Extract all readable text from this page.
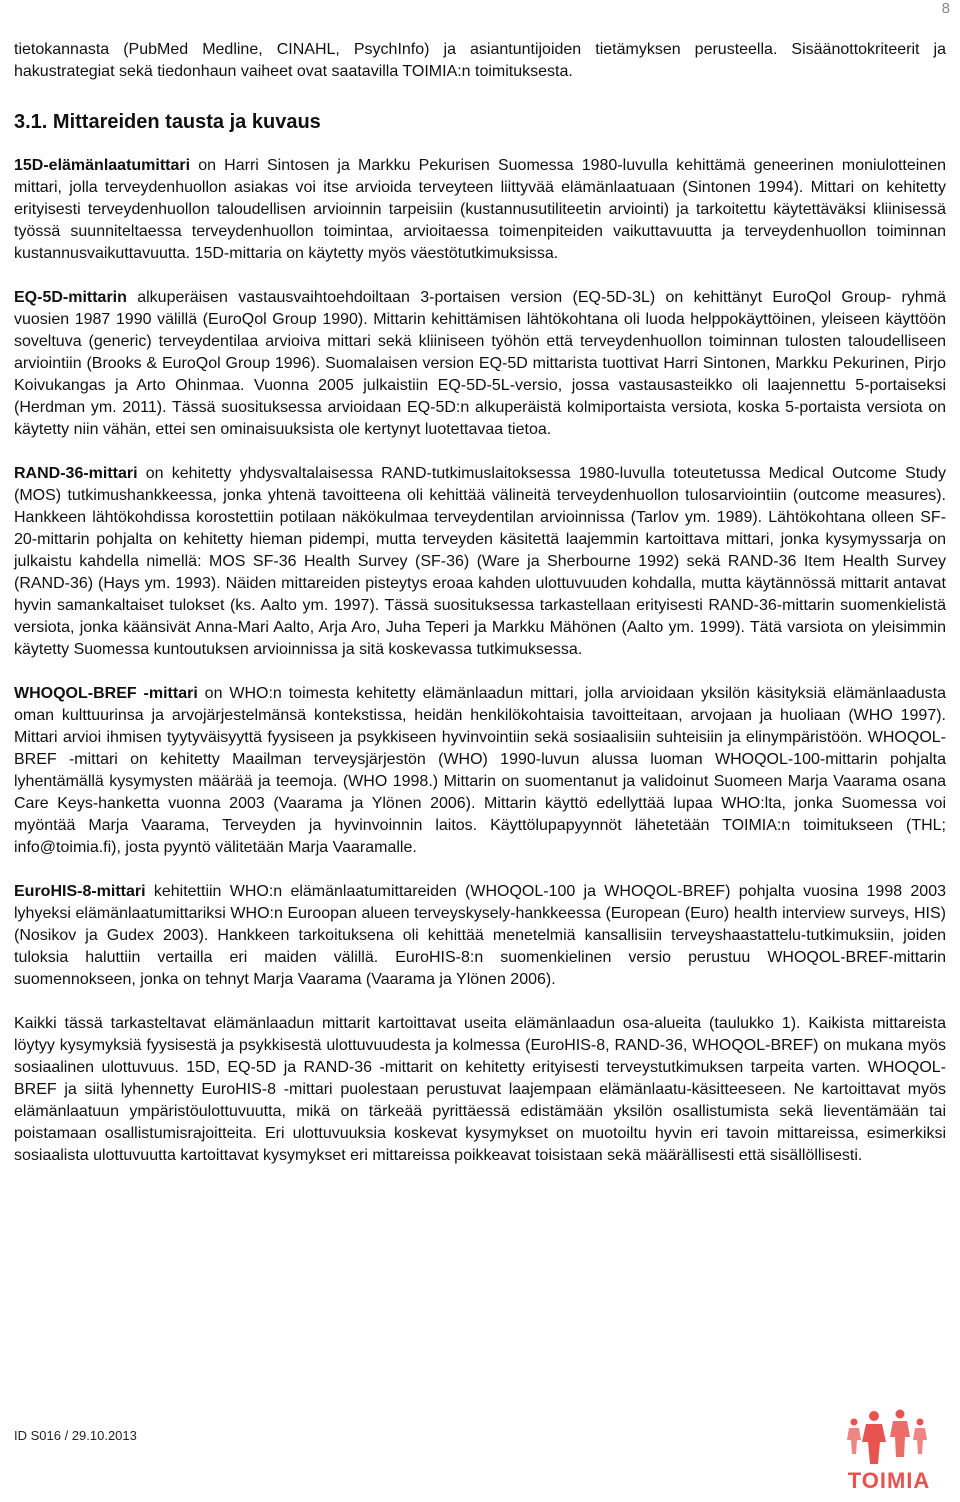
8

tietokannasta (PubMed Medline, CINAHL, PsychInfo) ja asiantuntijoiden tietämyksen perusteella. Sisäänottokriteerit ja hakustrategiat sekä tiedonhaun vaiheet ovat saatavilla TOIMIA:n toimituksesta.

3.1. Mittareiden tausta ja kuvaus

15D-elämänlaatumittari on Harri Sintosen ja Markku Pekurisen Suomessa 1980-luvulla kehittämä geneerinen moniulotteinen mittari, jolla terveydenhuollon asiakas voi itse arvioida terveyteen liittyvää elämänlaatuaan (Sintonen 1994). Mittari on kehitetty erityisesti terveydenhuollon taloudellisen arvioinnin tarpeisiin (kustannusutiliteetin arviointi) ja tarkoitettu käytettäväksi kliinisessä työssä suunniteltaessa terveydenhuollon toimintaa, arvioitaessa toimenpiteiden vaikuttavuutta ja terveydenhuollon toiminnan kustannusvaikuttavuutta. 15D-mittaria on käytetty myös väestötutkimuksissa.

EQ-5D-mittarin alkuperäisen vastausvaihtoehdoiltaan 3-portaisen version (EQ-5D-3L) on kehittänyt EuroQol Group- ryhmä vuosien 1987 1990 välillä (EuroQol Group 1990). Mittarin kehittämisen lähtökohtana oli luoda helppokäyttöinen, yleiseen käyttöön soveltuva (generic) terveydentilaa arvioiva mittari sekä kliiniseen työhön että terveydenhuollon toiminnan tulosten taloudelliseen arviointiin (Brooks & EuroQol Group 1996). Suomalaisen version EQ-5D mittarista tuottivat Harri Sintonen, Markku Pekurinen, Pirjo Koivukangas ja Arto Ohinmaa. Vuonna 2005 julkaistiin EQ-5D-5L-versio, jossa vastausasteikko oli laajennettu 5-portaiseksi (Herdman ym. 2011). Tässä suosituksessa arvioidaan EQ-5D:n alkuperäistä kolmiportaista versiota, koska 5-portaista versiota on käytetty niin vähän, ettei sen ominaisuuksista ole kertynyt luotettavaa tietoa.

RAND-36-mittari on kehitetty yhdysvaltalaisessa RAND-tutkimuslaitoksessa 1980-luvulla toteutetussa Medical Outcome Study (MOS) tutkimushankkeessa, jonka yhtenä tavoitteena oli kehittää välineitä terveydenhuollon tulosarviointiin (outcome measures). Hankkeen lähtökohdissa korostettiin potilaan näkökulmaa terveydentilan arvioinnissa (Tarlov ym. 1989). Lähtökohtana olleen SF-20-mittarin pohjalta on kehitetty hieman pidempi, mutta terveyden käsitettä laajemmin kartoittava mittari, jonka kysymyssarja on julkaistu kahdella nimellä: MOS SF-36 Health Survey (SF-36) (Ware ja Sherbourne 1992) sekä RAND-36 Item Health Survey (RAND-36) (Hays ym. 1993). Näiden mittareiden pisteytys eroaa kahden ulottuvuuden kohdalla, mutta käytännössä mittarit antavat hyvin samankaltaiset tulokset (ks. Aalto ym. 1997). Tässä suosituksessa tarkastellaan erityisesti RAND-36-mittarin suomenkielistä versiota, jonka käänsivät Anna-Mari Aalto, Arja Aro, Juha Teperi ja Markku Mähönen (Aalto ym. 1999). Tätä varsiota on yleisimmin käytetty Suomessa kuntoutuksen arvioinnissa ja sitä koskevassa tutkimuksessa.

WHOQOL-BREF -mittari on WHO:n toimesta kehitetty elämänlaadun mittari, jolla arvioidaan yksilön käsityksiä elämänlaadusta oman kulttuurinsa ja arvojärjestelmänsä kontekstissa, heidän henkilökohtaisia tavoitteitaan, arvojaan ja huoliaan (WHO 1997). Mittari arvioi ihmisen tyytyväisyyttä fyysiseen ja psykkiseen hyvinvointiin sekä sosiaalisiin suhteisiin ja elinympäristöön. WHOQOL-BREF -mittari on kehitetty Maailman terveysjärjestön (WHO) 1990-luvun alussa luoman WHOQOL-100-mittarin pohjalta lyhentämällä kysymysten määrää ja teemoja. (WHO 1998.) Mittarin on suomentanut ja validoinut Suomeen Marja Vaarama osana Care Keys-hanketta vuonna 2003 (Vaarama ja Ylönen 2006). Mittarin käyttö edellyttää lupaa WHO:lta, jonka Suomessa voi myöntää Marja Vaarama, Terveyden ja hyvinvoinnin laitos. Käyttölupapyynnöt lähetetään TOIMIA:n toimitukseen (THL; info@toimia.fi), josta pyyntö välitetään Marja Vaaramalle.

EuroHIS-8-mittari kehitettiin WHO:n elämänlaatumittareiden (WHOQOL-100 ja WHOQOL-BREF) pohjalta vuosina 1998 2003 lyhyeksi elämänlaatumittariksi WHO:n Euroopan alueen terveyskysely-hankkeessa (European (Euro) health interview surveys, HIS) (Nosikov ja Gudex 2003). Hankkeen tarkoituksena oli kehittää menetelmiä kansallisiin terveyshaastattelu-tutkimuksiin, joiden tuloksia haluttiin vertailla eri maiden välillä. EuroHIS-8:n suomenkielinen versio perustuu WHOQOL-BREF-mittarin suomennokseen, jonka on tehnyt Marja Vaarama (Vaarama ja Ylönen 2006).

Kaikki tässä tarkasteltavat elämänlaadun mittarit kartoittavat useita elämänlaadun osa-alueita (taulukko 1). Kaikista mittareista löytyy kysymyksiä fyysisestä ja psykkisestä ulottuvuudesta ja kolmessa (EuroHIS-8, RAND-36, WHOQOL-BREF) on mukana myös sosiaalinen ulottuvuus. 15D, EQ-5D ja RAND-36 -mittarit on kehitetty erityisesti terveystutkimuksen tarpeita varten. WHOQOL-BREF ja siitä lyhennetty EuroHIS-8 -mittari puolestaan perustuvat laajempaan elämänlaatu-käsitteeseen. Ne kartoittavat myös elämänlaatuun ympäristöulottuvuutta, mikä on tärkeää pyrittäessä edistämään yksilön osallistumista sekä lieventämään tai poistamaan osallistumisrajoitteita. Eri ulottuvuuksia koskevat kysymykset on muotoiltu hyvin eri tavoin mittareissa, esimerkiksi sosiaalista ulottuvuutta kartoittavat kysymykset eri mittareissa poikkeavat toisistaan sekä määrällisesti että sisällöllisesti.

ID S016 / 29.10.2013
TOIMIA
